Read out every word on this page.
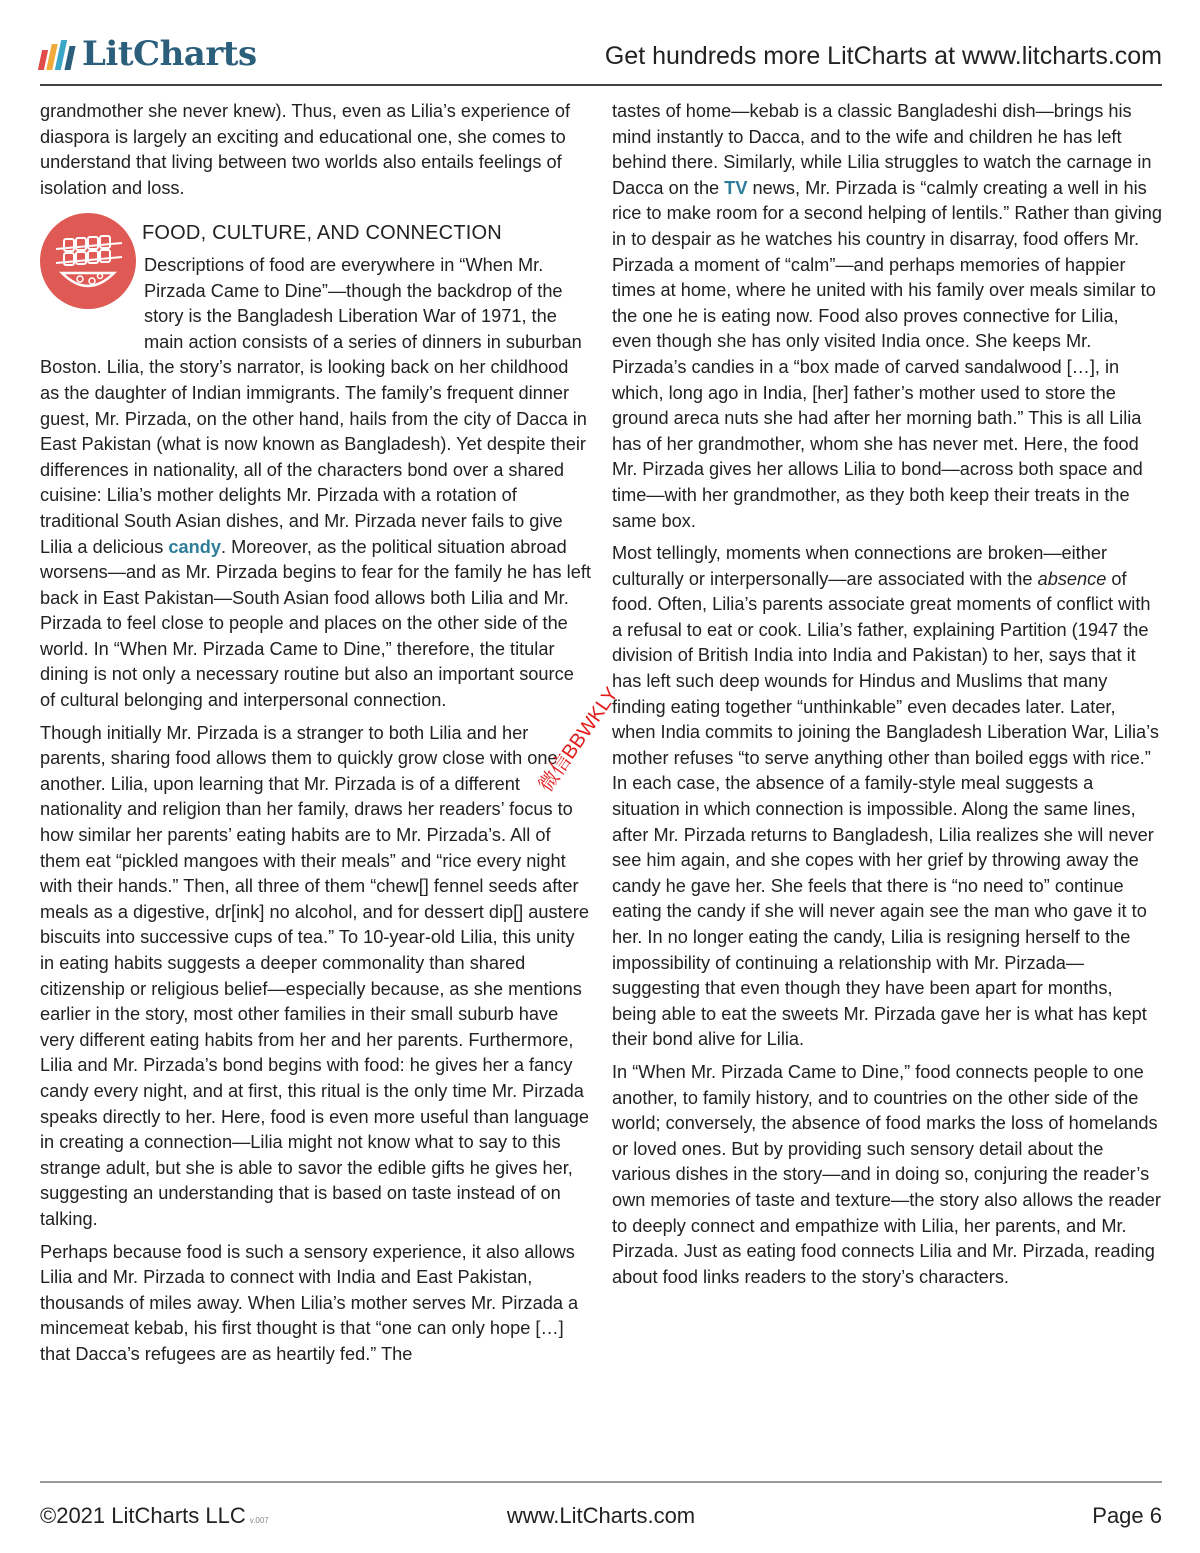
LitCharts	Get hundreds more LitCharts at www.litcharts.com

grandmother she never knew). Thus, even as Lilia’s experience of diaspora is largely an exciting and educational one, she comes to understand that living between two worlds also entails feelings of isolation and loss.

FOOD, CULTURE, AND CONNECTION

Descriptions of food are everywhere in “When Mr. Pirzada Came to Dine”—though the backdrop of the story is the Bangladesh Liberation War of 1971, the main action consists of a series of dinners in suburban Boston. Lilia, the story’s narrator, is looking back on her childhood as the daughter of Indian immigrants. The family’s frequent dinner guest, Mr. Pirzada, on the other hand, hails from the city of Dacca in East Pakistan (what is now known as Bangladesh). Yet despite their differences in nationality, all of the characters bond over a shared cuisine: Lilia’s mother delights Mr. Pirzada with a rotation of traditional South Asian dishes, and Mr. Pirzada never fails to give Lilia a delicious candy. Moreover, as the political situation abroad worsens—and as Mr. Pirzada begins to fear for the family he has left back in East Pakistan—South Asian food allows both Lilia and Mr. Pirzada to feel close to people and places on the other side of the world. In “When Mr. Pirzada Came to Dine,” therefore, the titular dining is not only a necessary routine but also an important source of cultural belonging and interpersonal connection.

Though initially Mr. Pirzada is a stranger to both Lilia and her parents, sharing food allows them to quickly grow close with one another. Lilia, upon learning that Mr. Pirzada is of a different nationality and religion than her family, draws her readers’ focus to how similar her parents’ eating habits are to Mr. Pirzada’s. All of them eat “pickled mangoes with their meals” and “rice every night with their hands.” Then, all three of them “chew[] fennel seeds after meals as a digestive, dr[ink] no alcohol, and for dessert dip[] austere biscuits into successive cups of tea.” To 10-year-old Lilia, this unity in eating habits suggests a deeper commonality than shared citizenship or religious belief—especially because, as she mentions earlier in the story, most other families in their small suburb have very different eating habits from her and her parents. Furthermore, Lilia and Mr. Pirzada’s bond begins with food: he gives her a fancy candy every night, and at first, this ritual is the only time Mr. Pirzada speaks directly to her. Here, food is even more useful than language in creating a connection—Lilia might not know what to say to this strange adult, but she is able to savor the edible gifts he gives her, suggesting an understanding that is based on taste instead of on talking.

Perhaps because food is such a sensory experience, it also allows Lilia and Mr. Pirzada to connect with India and East Pakistan, thousands of miles away. When Lilia’s mother serves Mr. Pirzada a mincemeat kebab, his first thought is that “one can only hope […] that Dacca’s refugees are as heartily fed.” The

tastes of home—kebab is a classic Bangladeshi dish—brings his mind instantly to Dacca, and to the wife and children he has left behind there. Similarly, while Lilia struggles to watch the carnage in Dacca on the TV news, Mr. Pirzada is “calmly creating a well in his rice to make room for a second helping of lentils.” Rather than giving in to despair as he watches his country in disarray, food offers Mr. Pirzada a moment of “calm”—and perhaps memories of happier times at home, where he united with his family over meals similar to the one he is eating now. Food also proves connective for Lilia, even though she has only visited India once. She keeps Mr. Pirzada’s candies in a “box made of carved sandalwood […], in which, long ago in India, [her] father’s mother used to store the ground areca nuts she had after her morning bath.” This is all Lilia has of her grandmother, whom she has never met. Here, the food Mr. Pirzada gives her allows Lilia to bond—across both space and time—with her grandmother, as they both keep their treats in the same box.

Most tellingly, moments when connections are broken—either culturally or interpersonally—are associated with the absence of food. Often, Lilia’s parents associate great moments of conflict with a refusal to eat or cook. Lilia’s father, explaining Partition (1947 the division of British India into India and Pakistan) to her, says that it has left such deep wounds for Hindus and Muslims that many finding eating together “unthinkable” even decades later. Later, when India commits to joining the Bangladesh Liberation War, Lilia’s mother refuses “to serve anything other than boiled eggs with rice.” In each case, the absence of a family-style meal suggests a situation in which connection is impossible. Along the same lines, after Mr. Pirzada returns to Bangladesh, Lilia realizes she will never see him again, and she copes with her grief by throwing away the candy he gave her. She feels that there is “no need to” continue eating the candy if she will never again see the man who gave it to her. In no longer eating the candy, Lilia is resigning herself to the impossibility of continuing a relationship with Mr. Pirzada—suggesting that even though they have been apart for months, being able to eat the sweets Mr. Pirzada gave her is what has kept their bond alive for Lilia.

In “When Mr. Pirzada Came to Dine,” food connects people to one another, to family history, and to countries on the other side of the world; conversely, the absence of food marks the loss of homelands or loved ones. But by providing such sensory detail about the various dishes in the story—and in doing so, conjuring the reader’s own memories of taste and texture—the story also allows the reader to deeply connect and empathize with Lilia, her parents, and Mr. Pirzada. Just as eating food connects Lilia and Mr. Pirzada, reading about food links readers to the story’s characters.

微信BBWKLY
©2021 LitCharts LLC v.007	www.LitCharts.com	Page 6
